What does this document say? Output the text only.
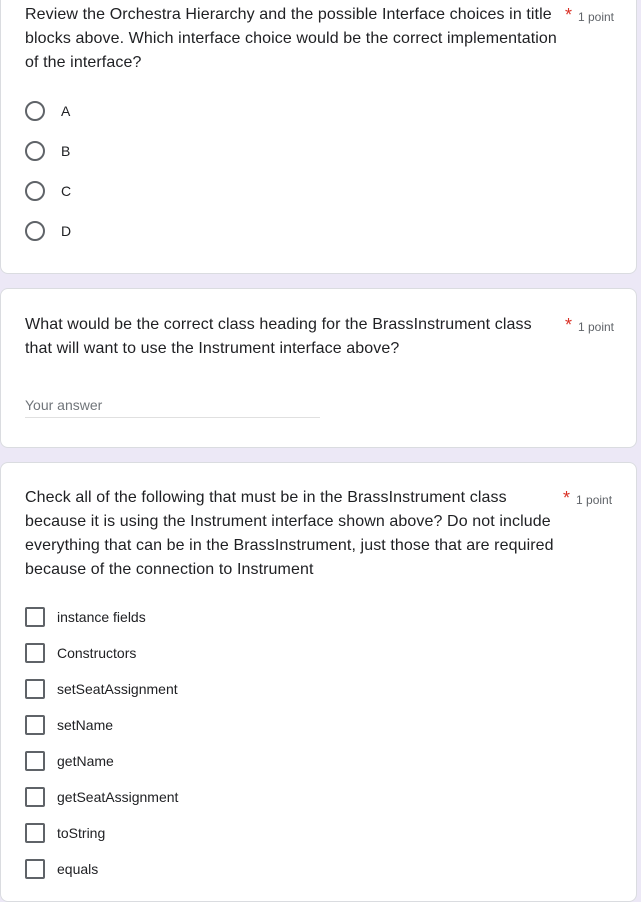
Review the Orchestra Hierarchy and the possible Interface choices in title blocks above. Which interface choice would be the correct implementation of the interface?
* 1 point
A
B
C
D
What would be the correct class heading for the BrassInstrument class that will want to use the Instrument interface above?
* 1 point
Your answer
Check all of the following that must be in the BrassInstrument class because it is using the Instrument interface shown above? Do not include everything that can be in the BrassInstrument, just those that are required because of the connection to Instrument
* 1 point
instance fields
Constructors
setSeatAssignment
setName
getName
getSeatAssignment
toString
equals
